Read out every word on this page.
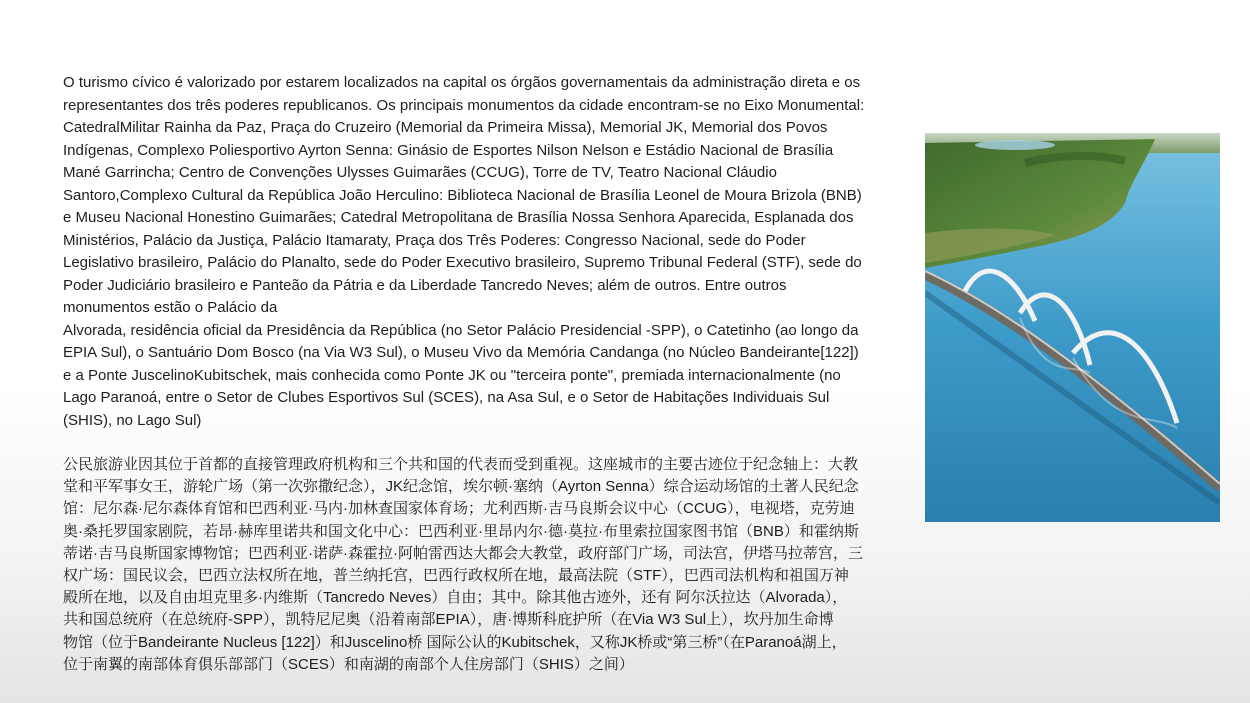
O turismo cívico é valorizado por estarem localizados na capital os órgãos governamentais da administração direta e os
representantes dos três poderes republicanos. Os principais monumentos da cidade encontram-se no Eixo Monumental:
CatedralMilitar Rainha da Paz, Praça do Cruzeiro (Memorial da Primeira Missa), Memorial JK, Memorial dos Povos
Indígenas, Complexo Poliesportivo Ayrton Senna: Ginásio de Esportes Nilson Nelson e Estádio Nacional de Brasília
Mané Garrincha; Centro de Convenções Ulysses Guimarães (CCUG), Torre de TV, Teatro Nacional Cláudio
Santoro,Complexo Cultural da República João Herculino: Biblioteca Nacional de Brasília Leonel de Moura Brizola (BNB)
e Museu Nacional Honestino Guimarães; Catedral Metropolitana de Brasília Nossa Senhora Aparecida, Esplanada dos
Ministérios, Palácio da Justiça, Palácio Itamaraty, Praça dos Três Poderes: Congresso Nacional, sede do Poder
Legislativo brasileiro, Palácio do Planalto, sede do Poder Executivo brasileiro, Supremo Tribunal Federal (STF), sede do
Poder Judiciário brasileiro e Panteão da Pátria e da Liberdade Tancredo Neves; além de outros. Entre outros
monumentos estão o Palácio da
Alvorada, residência oficial da Presidência da República (no Setor Palácio Presidencial -SPP), o Catetinho (ao longo da
EPIA Sul), o Santuário Dom Bosco (na Via W3 Sul), o Museu Vivo da Memória Candanga (no Núcleo Bandeirante[122])
e a Ponte JuscelinoKubitschek, mais conhecida como Ponte JK ou "terceira ponte", premiada internacionalmente (no
Lago Paranoá, entre o Setor de Clubes Esportivos Sul (SCES), na Asa Sul, e o Setor de Habitações Individuais Sul
(SHIS), no Lago Sul)

公民旅游业因其位于首都的直接管理政府机构和三个共和国的代表而受到重视。这座城市的主要古迹位于纪念轴上：大教
堂和平军事女王，游轮广场（第一次弥撒纪念），JK纪念馆，埃尔顿·塞纳（Ayrton Senna）综合运动场馆的土著人民纪念
馆：尼尔森·尼尔森体育馆和巴西利亚·马内·加林查国家体育场；尤利西斯·吉马良斯会议中心（CCUG），电视塔，克劳迪
奥·桑托罗国家剧院，若昂·赫库里诺共和国文化中心：巴西利亚·里昂内尔·德·莫拉·布里索拉国家图书馆（BNB）和霍纳斯
蒂诺·吉马良斯国家博物馆；巴西利亚·诺萨·森霍拉·阿帕雷西达大都会大教堂，政府部门广场，司法宫，伊塔马拉蒂宫，三
权广场：国民议会，巴西立法权所在地，普兰纳托宫，巴西行政权所在地，最高法院（STF），巴西司法机构和祖国万神
殿所在地，以及自由坦克里多·内维斯（Tancredo Neves）自由；其中。除其他古迹外，还有 阿尔沃拉达（Alvorada），
共和国总统府（在总统府-SPP），凯特尼尼奥（沿着南部EPIA），唐·博斯科庇护所（在Via W3 Sul上），坎丹加生命博
物馆（位于Bandeirante Nucleus [122]）和Juscelino桥 国际公认的Kubitschek，又称JK桥或“第三桥”（在Paranoá湖上，
位于南翼的南部体育俱乐部部门（SCES）和南湖的南部个人住房部门（SHIS）之间）
